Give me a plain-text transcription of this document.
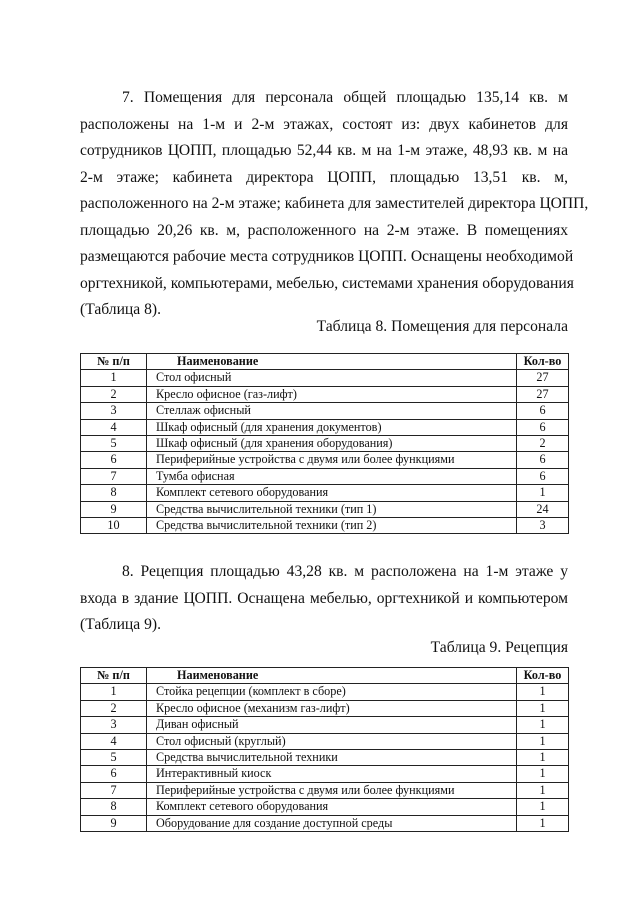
7. Помещения для персонала общей площадью 135,14 кв. м
расположены на 1-м и 2-м этажах, состоят из: двух кабинетов для
сотрудников ЦОПП, площадью 52,44 кв. м на 1-м этаже, 48,93 кв. м на
2-м этаже; кабинета директора ЦОПП, площадью 13,51 кв. м,
расположенного на 2-м этаже; кабинета для заместителей директора ЦОПП,
площадью 20,26 кв. м, расположенного на 2-м этаже. В помещениях
размещаются рабочие места сотрудников ЦОПП. Оснащены необходимой
оргтехникой, компьютерами, мебелью, системами хранения оборудования
(Таблица 8).

Таблица 8. Помещения для персонала

№ п/п	Наименование	Кол-во
1	Стол офисный	27
2	Кресло офисное (газ-лифт)	27
3	Стеллаж офисный	6
4	Шкаф офисный (для хранения документов)	6
5	Шкаф офисный (для хранения оборудования)	2
6	Периферийные устройства с двумя или более функциями	6
7	Тумба офисная	6
8	Комплект сетевого оборудования	1
9	Средства вычислительной техники (тип 1)	24
10	Средства вычислительной техники (тип 2)	3
8. Рецепция площадью 43,28 кв. м расположена на 1-м этаже у
входа в здание ЦОПП. Оснащена мебелью, оргтехникой и компьютером
(Таблица 9).

Таблица 9. Рецепция

№ п/п	Наименование	Кол-во
1	Стойка рецепции (комплект в сборе)	1
2	Кресло офисное (механизм газ-лифт)	1
3	Диван офисный	1
4	Стол офисный (круглый)	1
5	Средства вычислительной техники	1
6	Интерактивный киоск	1
7	Периферийные устройства с двумя или более функциями	1
8	Комплект сетевого оборудования	1
9	Оборудование для создание доступной среды	1
